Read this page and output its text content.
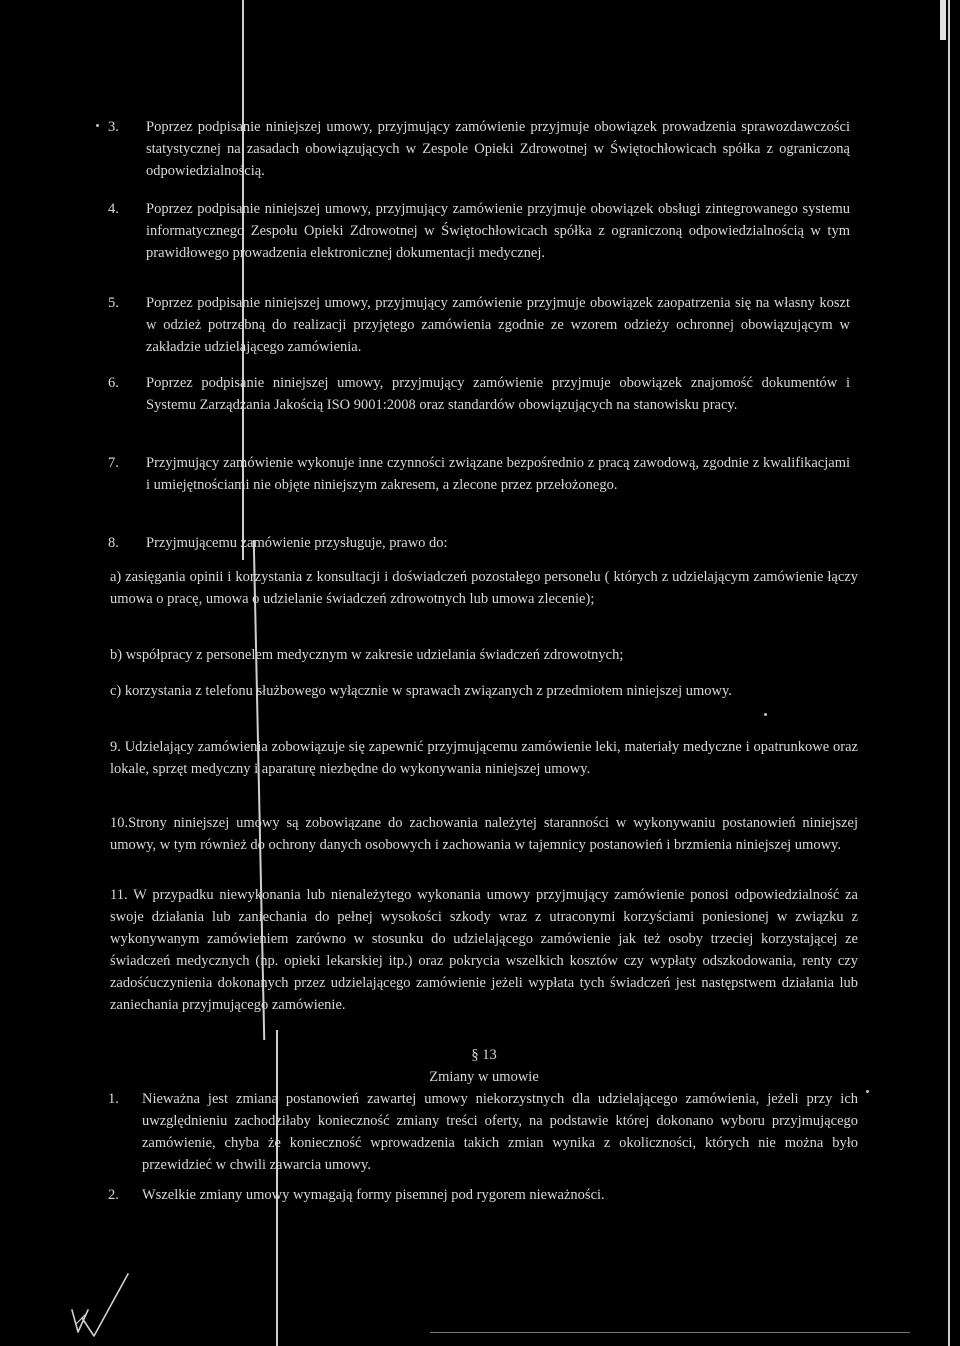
3. Poprzez podpisanie niniejszej umowy, przyjmujący zamówienie przyjmuje obowiązek prowadzenia sprawozdawczości statystycznej na zasadach obowiązujących w Zespole Opieki Zdrowotnej w Świętochłowicach spółka z ograniczoną odpowiedzialnością.
4. Poprzez podpisanie niniejszej umowy, przyjmujący zamówienie przyjmuje obowiązek obsługi zintegrowanego systemu informatycznego Zespołu Opieki Zdrowotnej w Świętochłowicach spółka z ograniczoną odpowiedzialnością w tym prawidłowego prowadzenia elektronicznej dokumentacji medycznej.
5. Poprzez podpisanie niniejszej umowy, przyjmujący zamówienie przyjmuje obowiązek zaopatrzenia się na własny koszt w odzież potrzebną do realizacji przyjętego zamówienia zgodnie ze wzorem odzieży ochronnej obowiązującym w zakładzie udzielającego zamówienia.
6. Poprzez podpisanie niniejszej umowy, przyjmujący zamówienie przyjmuje obowiązek znajomość dokumentów i Systemu Zarządzania Jakością ISO 9001:2008 oraz standardów obowiązujących na stanowisku pracy.
7. Przyjmujący zamówienie wykonuje inne czynności związane bezpośrednio z pracą zawodową, zgodnie z kwalifikacjami i umiejętnościami nie objęte niniejszym zakresem, a zlecone przez przełożonego.
8. Przyjmującemu zamówienie przysługuje, prawo do:
a) zasięgania opinii i korzystania z konsultacji i doświadczeń pozostałego personelu ( których z udzielającym zamówienie łączy umowa o pracę, umowa o udzielanie świadczeń zdrowotnych lub umowa zlecenie);
b) współpracy z personelem medycznym w zakresie udzielania świadczeń zdrowotnych;
c) korzystania z telefonu służbowego wyłącznie w sprawach związanych z przedmiotem niniejszej umowy.
9. Udzielający zamówienia zobowiązuje się zapewnić przyjmującemu zamówienie leki, materiały medyczne i opatrunkowe oraz lokale, sprzęt medyczny i aparaturę niezbędne do wykonywania niniejszej umowy.
10.Strony niniejszej umowy są zobowiązane do zachowania należytej staranności w wykonywaniu postanowień niniejszej umowy, w tym również do ochrony danych osobowych i zachowania w tajemnicy postanowień i brzmienia niniejszej umowy.
11. W przypadku niewykonania lub nienależytego wykonania umowy przyjmujący zamówienie ponosi odpowiedzialność za swoje działania lub zaniechania do pełnej wysokości szkody wraz z utraconymi korzyściami poniesionej w związku z wykonywanym zamówieniem zarówno w stosunku do udzielającego zamówienie jak też osoby trzeciej korzystającej ze świadczeń medycznych (np. opieki lekarskiej itp.) oraz pokrycia wszelkich kosztów czy wypłaty odszkodowania, renty czy zadośćuczynienia dokonanych przez udzielającego zamówienie jeżeli wypłata tych świadczeń jest następstwem działania lub zaniechania przyjmującego zamówienie.
§ 13
Zmiany w umowie
1. Nieważna jest zmiana postanowień zawartej umowy niekorzystnych dla udzielającego zamówienia, jeżeli przy ich uwzględnieniu zachodziłaby konieczność zmiany treści oferty, na podstawie której dokonano wyboru przyjmującego zamówienie, chyba że konieczność wprowadzenia takich zmian wynika z okoliczności, których nie można było przewidzieć w chwili zawarcia umowy.
2. Wszelkie zmiany umowy wymagają formy pisemnej pod rygorem nieważności.
